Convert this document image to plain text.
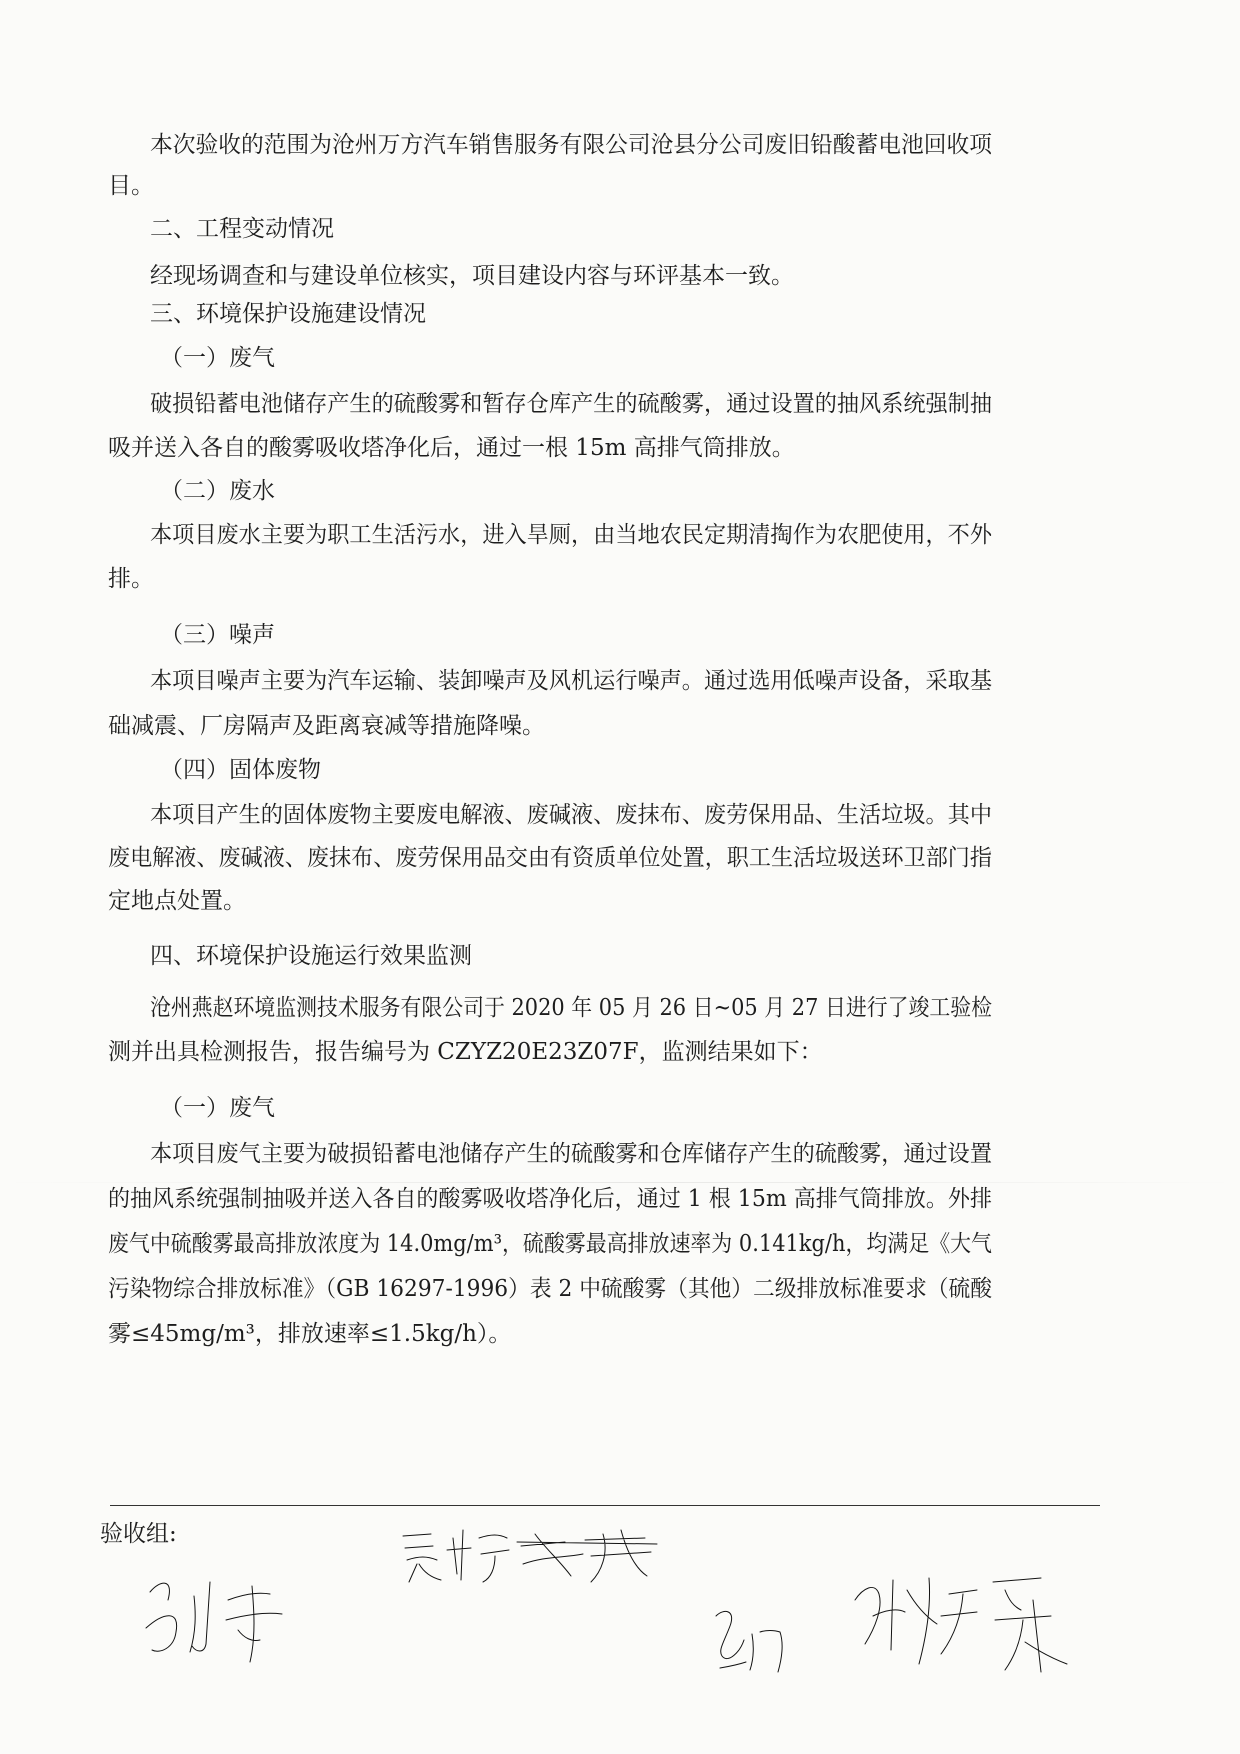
本次验收的范围为沧州万方汽车销售服务有限公司沧县分公司废旧铅酸蓄电池回收项
目。
二、工程变动情况
经现场调查和与建设单位核实，项目建设内容与环评基本一致。
三、环境保护设施建设情况
（一）废气
破损铅蓄电池储存产生的硫酸雾和暂存仓库产生的硫酸雾，通过设置的抽风系统强制抽
吸并送入各自的酸雾吸收塔净化后，通过一根 15m 高排气筒排放。
（二）废水
本项目废水主要为职工生活污水，进入旱厕，由当地农民定期清掏作为农肥使用，不外
排。
（三）噪声
本项目噪声主要为汽车运输、装卸噪声及风机运行噪声。通过选用低噪声设备，采取基
础减震、厂房隔声及距离衰减等措施降噪。
（四）固体废物
本项目产生的固体废物主要废电解液、废碱液、废抹布、废劳保用品、生活垃圾。其中
废电解液、废碱液、废抹布、废劳保用品交由有资质单位处置，职工生活垃圾送环卫部门指
定地点处置。
四、环境保护设施运行效果监测
沧州燕赵环境监测技术服务有限公司于 2020 年 05 月 26 日~05 月 27 日进行了竣工验检
测并出具检测报告，报告编号为 CZYZ20E23Z07F，监测结果如下：
（一）废气
本项目废气主要为破损铅蓄电池储存产生的硫酸雾和仓库储存产生的硫酸雾，通过设置
的抽风系统强制抽吸并送入各自的酸雾吸收塔净化后，通过 1 根 15m 高排气筒排放。外排
废气中硫酸雾最高排放浓度为 14.0mg/m³，硫酸雾最高排放速率为 0.141kg/h，均满足《大气
污染物综合排放标准》（GB 16297-1996）表 2 中硫酸雾（其他）二级排放标准要求（硫酸
雾≤45mg/m³，排放速率≤1.5kg/h）。
验收组:
